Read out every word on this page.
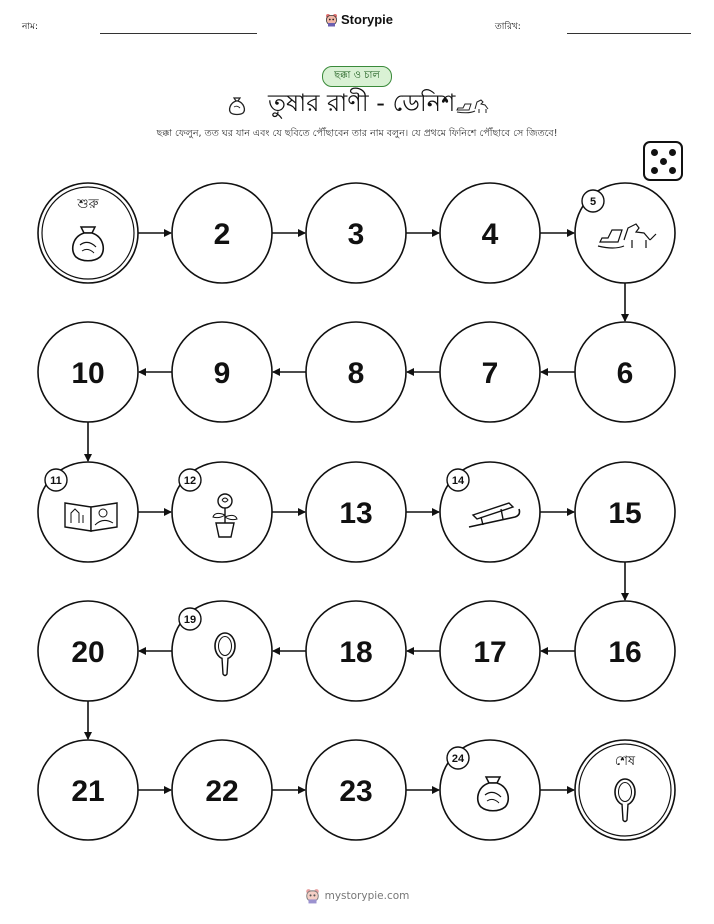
নাম:	Storypie	তারিখ:
ছক্কা ও চাল
তুষার রাণী - ডেনিশ
ছক্কা ফেলুন, তত ঘর যান এবং যে ছবিতে পৌঁছাবেন তার নাম বলুন। যে প্রথমে ফিনিশে পৌঁছাবে সে জিতবে!
শুরু
2	3	4
5
6
7
8
9
10
11	12
13
14
15
16
17
18
19
20
21	22	23
24	শেষ
mystorypie.com
